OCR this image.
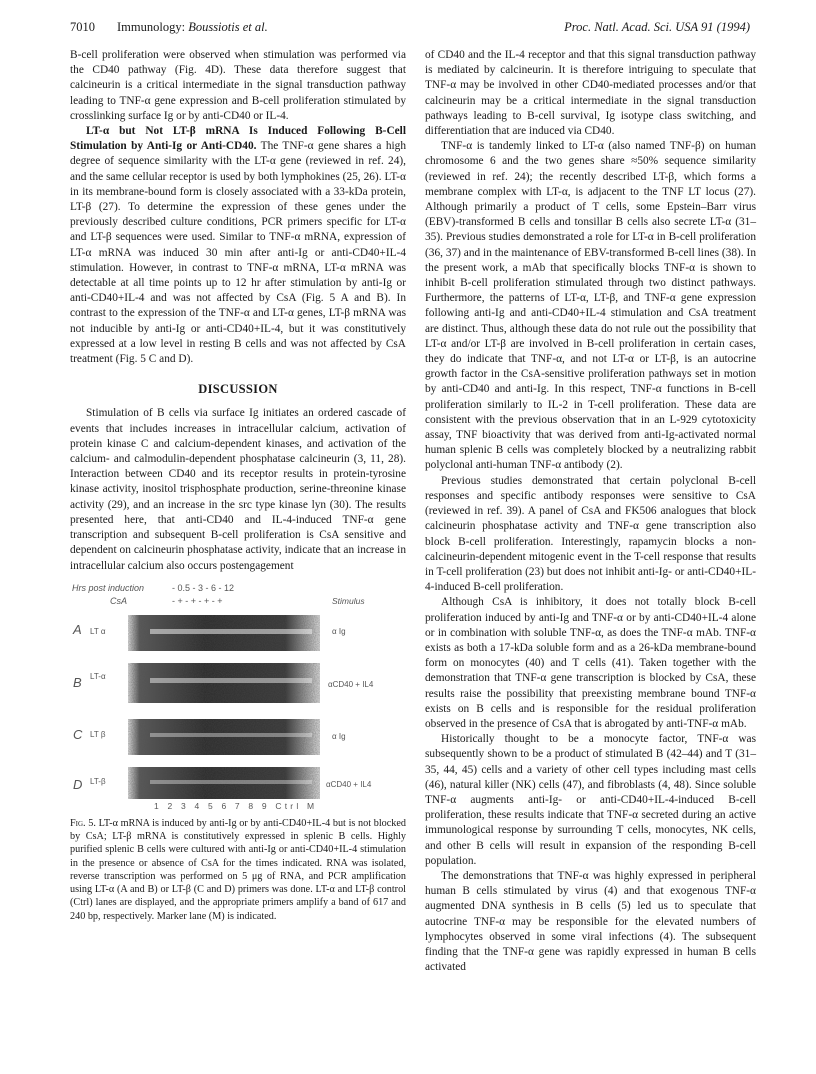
7010 Immunology: Boussiotis et al.	Proc. Natl. Acad. Sci. USA 91 (1994)

B-cell proliferation were observed when stimulation was performed via the CD40 pathway (Fig. 4D). These data therefore suggest that calcineurin is a critical intermediate in the signal transduction pathway leading to TNF-α gene expression and B-cell proliferation stimulated by crosslinking surface Ig or by anti-CD40 or IL-4.

LT-α but Not LT-β mRNA Is Induced Following B-Cell Stimulation by Anti-Ig or Anti-CD40. The TNF-α gene shares a high degree of sequence similarity with the LT-α gene (reviewed in ref. 24), and the same cellular receptor is used by both lymphokines (25, 26). LT-α in its membrane-bound form is closely associated with a 33-kDa protein, LT-β (27). To determine the expression of these genes under the previously described culture conditions, PCR primers specific for LT-α and LT-β sequences were used. Similar to TNF-α mRNA, expression of LT-α mRNA was induced 30 min after anti-Ig or anti-CD40+IL-4 stimulation. However, in contrast to TNF-α mRNA, LT-α mRNA was detectable at all time points up to 12 hr after stimulation by anti-Ig or anti-CD40+IL-4 and was not affected by CsA (Fig. 5 A and B). In contrast to the expression of the TNF-α and LT-α genes, LT-β mRNA was not inducible by anti-Ig or anti-CD40+IL-4, but it was constitutively expressed at a low level in resting B cells and was not affected by CsA treatment (Fig. 5 C and D).

DISCUSSION

Stimulation of B cells via surface Ig initiates an ordered cascade of events that includes increases in intracellular calcium, activation of protein kinase C and calcium-dependent kinases, and activation of the calcium- and calmodulin-dependent phosphatase calcineurin (3, 11, 28). Interaction between CD40 and its receptor results in protein-tyrosine kinase activity, inositol trisphosphate production, serine-threonine kinase activity (29), and an increase in the src type kinase lyn (30). The results presented here, that anti-CD40 and IL-4-induced TNF-α gene transcription and subsequent B-cell proliferation is CsA sensitive and dependent on calcineurin phosphatase activity, indicate that an increase in intracellular calcium also occurs postengagement

Hrs post induction	- 0.5 - 3 - 6 - 12
CsA	- + - + - + - +	Stimulus
A LT α	α Ig
B LT-α
αCD40 + IL4
C LT β	α Ig
D LT-β	αCD40 + IL4
1 2 3 4 5 6 7 8 9 Ctrl M
Fig. 5. LT-α mRNA is induced by anti-Ig or by anti-CD40+IL-4 but is not blocked by CsA; LT-β mRNA is constitutively expressed in splenic B cells. Highly purified splenic B cells were cultured with anti-Ig or anti-CD40+IL-4 stimulation in the presence or absence of CsA for the times indicated. RNA was isolated, reverse transcription was performed on 5 μg of RNA, and PCR amplification using LT-α (A and B) or LT-β (C and D) primers was done. LT-α and LT-β control (Ctrl) lanes are displayed, and the appropriate primers amplify a band of 617 and 240 bp, respectively. Marker lane (M) is indicated.

of CD40 and the IL-4 receptor and that this signal transduction pathway is mediated by calcineurin. It is therefore intriguing to speculate that TNF-α may be involved in other CD40-mediated processes and/or that calcineurin may be a critical intermediate in the signal transduction pathways leading to B-cell survival, Ig isotype class switching, and differentiation that are induced via CD40.

TNF-α is tandemly linked to LT-α (also named TNF-β) on human chromosome 6 and the two genes share ≈50% sequence similarity (reviewed in ref. 24); the recently described LT-β, which forms a membrane complex with LT-α, is adjacent to the TNF LT locus (27). Although primarily a product of T cells, some Epstein–Barr virus (EBV)-transformed B cells and tonsillar B cells also secrete LT-α (31–35). Previous studies demonstrated a role for LT-α in B-cell proliferation (36, 37) and in the maintenance of EBV-transformed B-cell lines (38). In the present work, a mAb that specifically blocks TNF-α is shown to inhibit B-cell proliferation stimulated through two distinct pathways. Furthermore, the patterns of LT-α, LT-β, and TNF-α gene expression following anti-Ig and anti-CD40+IL-4 stimulation and CsA treatment are distinct. Thus, although these data do not rule out the possibility that LT-α and/or LT-β are involved in B-cell proliferation in certain cases, they do indicate that TNF-α, and not LT-α or LT-β, is an autocrine growth factor in the CsA-sensitive proliferation pathways set in motion by anti-CD40 and anti-Ig. In this respect, TNF-α functions in B-cell proliferation similarly to IL-2 in T-cell proliferation. These data are consistent with the previous observation that in an L-929 cytotoxicity assay, TNF bioactivity that was derived from anti-Ig-activated normal human splenic B cells was completely blocked by a neutralizing rabbit polyclonal anti-human TNF-α antibody (2).

Previous studies demonstrated that certain polyclonal B-cell responses and specific antibody responses were sensitive to CsA (reviewed in ref. 39). A panel of CsA and FK506 analogues that block calcineurin phosphatase activity and TNF-α gene transcription also block B-cell proliferation. Interestingly, rapamycin blocks a non-calcineurin-dependent mitogenic event in the T-cell response that results in T-cell proliferation (23) but does not inhibit anti-Ig- or anti-CD40+IL-4-induced B-cell proliferation.

Although CsA is inhibitory, it does not totally block B-cell proliferation induced by anti-Ig and TNF-α or by anti-CD40+IL-4 alone or in combination with soluble TNF-α, as does the TNF-α mAb. TNF-α exists as both a 17-kDa soluble form and as a 26-kDa membrane-bound form on monocytes (40) and T cells (41). Taken together with the demonstration that TNF-α gene transcription is blocked by CsA, these results raise the possibility that preexisting membrane bound TNF-α exists on B cells and is responsible for the residual proliferation observed in the presence of CsA that is abrogated by anti-TNF-α mAb.

Historically thought to be a monocyte factor, TNF-α was subsequently shown to be a product of stimulated B (42–44) and T (31–35, 44, 45) cells and a variety of other cell types including mast cells (46), natural killer (NK) cells (47), and fibroblasts (4, 48). Since soluble TNF-α augments anti-Ig- or anti-CD40+IL-4-induced B-cell proliferation, these results indicate that TNF-α secreted during an active immunological response by surrounding T cells, monocytes, NK cells, and other B cells will result in expansion of the responding B-cell population.

The demonstrations that TNF-α was highly expressed in peripheral human B cells stimulated by virus (4) and that exogenous TNF-α augmented DNA synthesis in B cells (5) led us to speculate that autocrine TNF-α may be responsible for the elevated numbers of lymphocytes observed in some viral infections (4). The subsequent finding that the TNF-α gene was rapidly expressed in human B cells activated
